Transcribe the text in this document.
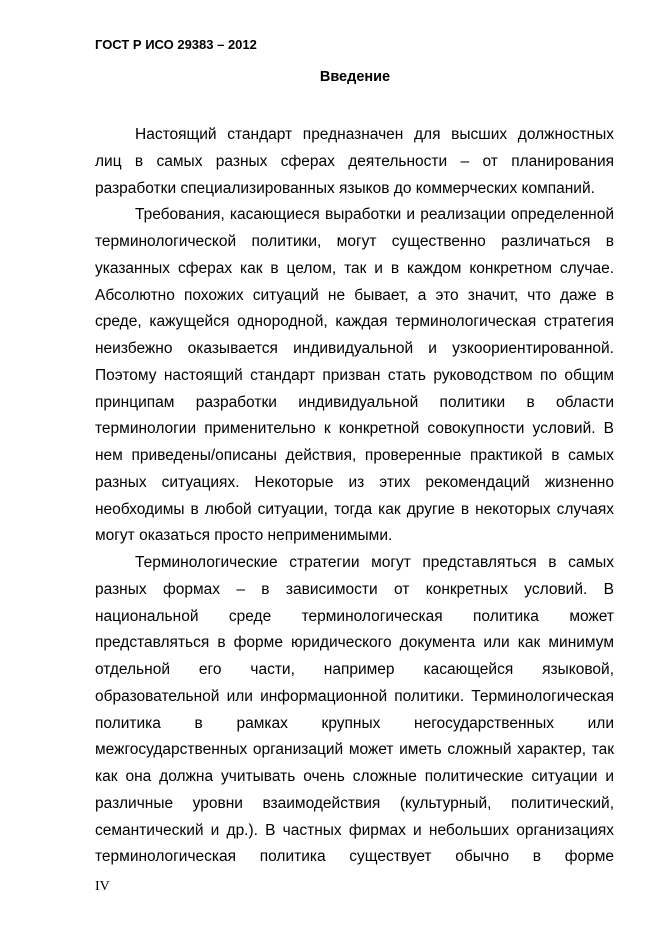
ГОСТ Р ИСО 29383 – 2012
Введение
Настоящий стандарт предназначен для высших должностных
лиц в самых разных сферах деятельности – от планирования
разработки специализированных языков до коммерческих компаний.
Требования, касающиеся выработки и реализации определенной
терминологической политики, могут существенно различаться в
указанных сферах как в целом, так и в каждом конкретном случае.
Абсолютно похожих ситуаций не бывает, а это значит, что даже в
среде, кажущейся однородной, каждая терминологическая стратегия
неизбежно оказывается индивидуальной и узкоориентированной.
Поэтому настоящий стандарт призван стать руководством по общим
принципам разработки индивидуальной политики в области
терминологии применительно к конкретной совокупности условий. В
нем приведены/описаны действия, проверенные практикой в самых
разных ситуациях. Некоторые из этих рекомендаций жизненно
необходимы в любой ситуации, тогда как другие в некоторых случаях
могут оказаться просто неприменимыми.
Терминологические стратегии могут представляться в самых
разных формах – в зависимости от конкретных условий. В
национальной среде терминологическая политика может
представляться в форме юридического документа или как минимум
отдельной его части, например касающейся языковой,
образовательной или информационной политики. Терминологическая
политика в рамках крупных негосударственных или
межгосударственных организаций может иметь сложный характер, так
как она должна учитывать очень сложные политические ситуации и
различные уровни взаимодействия (культурный, политический,
семантический и др.). В частных фирмах и небольших организациях
терминологическая политика существует обычно в форме
IV
